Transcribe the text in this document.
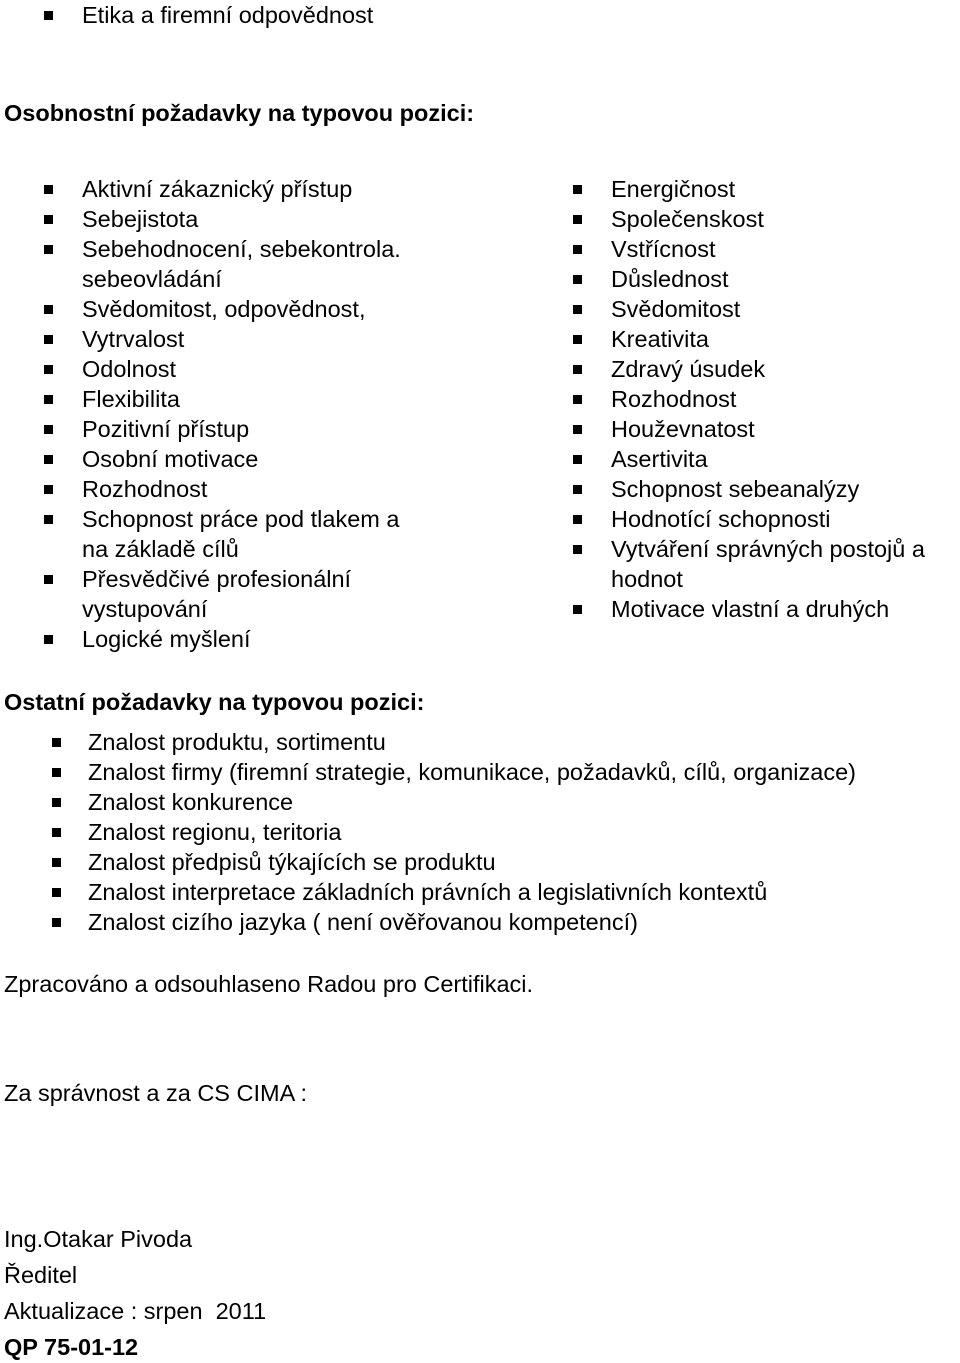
Etika a firemní odpovědnost
Osobnostní požadavky na typovou pozici:
Aktivní zákaznický přístup
Sebejistota
Sebehodnocení, sebekontrola.
sebeovládání
Svědomitost, odpovědnost,
Vytrvalost
Odolnost
Flexibilita
Pozitivní přístup
Osobní motivace
Rozhodnost
Schopnost práce pod tlakem a
na základě cílů
Přesvědčivé profesionální
vystupování
Logické myšlení
Energičnost
Společenskost
Vstřícnost
Důslednost
Svědomitost
Kreativita
Zdravý úsudek
Rozhodnost
Houževnatost
Asertivita
Schopnost sebeanalýzy
Hodnotící schopnosti
Vytváření správných postojů a
hodnot
Motivace vlastní a druhých
Ostatní požadavky na typovou pozici:
Znalost produktu, sortimentu
Znalost firmy (firemní strategie, komunikace, požadavků, cílů, organizace)
Znalost konkurence
Znalost regionu, teritoria
Znalost předpisů týkajících se produktu
Znalost interpretace základních právních a legislativních kontextů
Znalost cizího jazyka ( není ověřovanou kompetencí)
Zpracováno a odsouhlaseno Radou pro Certifikaci.
Za správnost a za CS CIMA :
Ing.Otakar Pivoda
Ředitel
Aktualizace : srpen  2011
QP 75-01-12
